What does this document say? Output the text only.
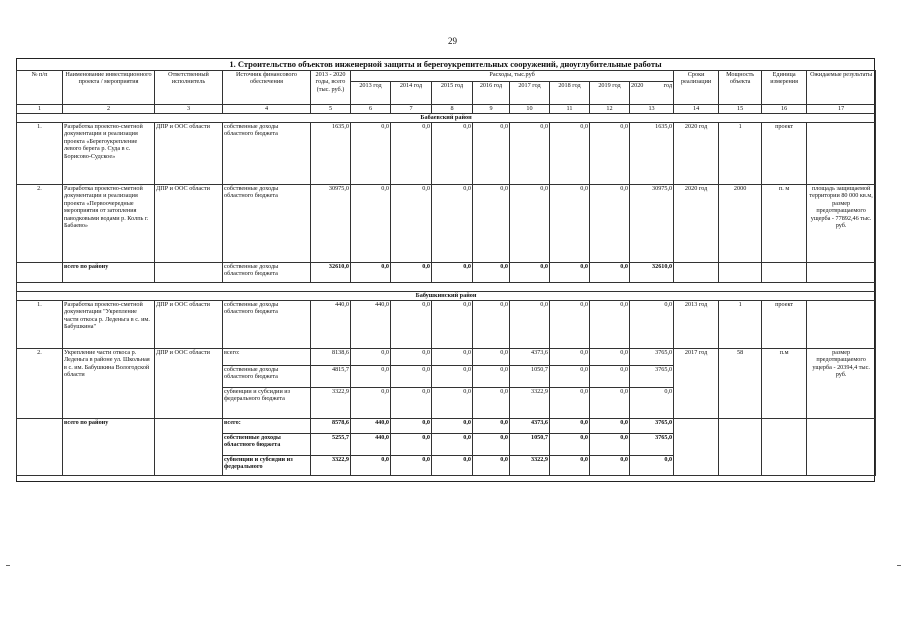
29
1. Строительство объектов инженерной защиты и берегоукрепительных сооружений, дноуглубительные работы
№ п/п	Наименование инвестиционного проекта / мероприятия	Ответственный исполнитель	Источник финансового обеспечения	2013 - 2020 годы, всего (тыс. руб.)	Расходы, тыс.руб								Сроки реализации	Мощность объекта	Единица измерения	Ожидаемые результаты
					2013 год	2014 год	2015 год	2016 год	2017 год	2018 год	2019 год	2020 год				

1	2	3	4	5	6	7	8	9	10	11	12	13	14	15	16	17
Бабаевский район																
1.	Разработка проектно-сметной документации и реализация проекта «Берегоукрепление левого берега р. Суда в с. Борисово-Судское»	ДПР и ООС области	собственные доходы областного бюджета	1635,0	0,0	0,0	0,0	0,0	0,0	0,0	0,0	1635,0	2020 год	1	проект	
2.	Разработка проектно-сметной документации и реализация проекта «Первоочередные мероприятия от затопления паводковыми водами р. Колпь г. Бабаево»	ДПР и ООС области	собственные доходы областного бюджета	30975,0	0,0	0,0	0,0	0,0	0,0	0,0	0,0	30975,0	2020 год	2000	п. м	площадь защищаемой территории 80 000 кв.м, размер предотвращаемого ущерба - 77892,46 тыс. руб.
	всего по району		собственные доходы областного бюджета	32610,0	0,0	0,0	0,0	0,0	0,0	0,0	0,0	32610,0				

Бабушкинский район																
1.	Разработка проектно-сметной документации "Укрепление части откоса р. Леденьга в с. им. Бабушкина"	ДПР и ООС области	собственные доходы областного бюджета	440,0	440,0	0,0	0,0	0,0	0,0	0,0	0,0	0,0	2013 год	1	проект	
2.	Укрепление части откоса р. Леденьга в районе ул. Школьная в с. им. Бабушкина Вологодской области	ДПР и ООС области	всего:	8138,6	0,0	0,0	0,0	0,0	4373,6	0,0	0,0	3765,0	2017 год	58	п.м	размер предотвращаемого ущерба - 20394,4 тыс. руб.
			собственные доходы областного бюджета	4815,7	0,0	0,0	0,0	0,0	1050,7	0,0	0,0	3765,0				
			субвенции и субсидии из федерального бюджета	3322,9	0,0	0,0	0,0	0,0	3322,9	0,0	0,0	0,0				
	всего по району		всего:	8578,6	440,0	0,0	0,0	0,0	4373,6	0,0	0,0	3765,0				
			собственные доходы областного бюджета	5255,7	440,0	0,0	0,0	0,0	1050,7	0,0	0,0	3765,0				
			субвенции и субсидии из федерального	3322,9	0,0	0,0	0,0	0,0	3322,9	0,0	0,0	0,0				
